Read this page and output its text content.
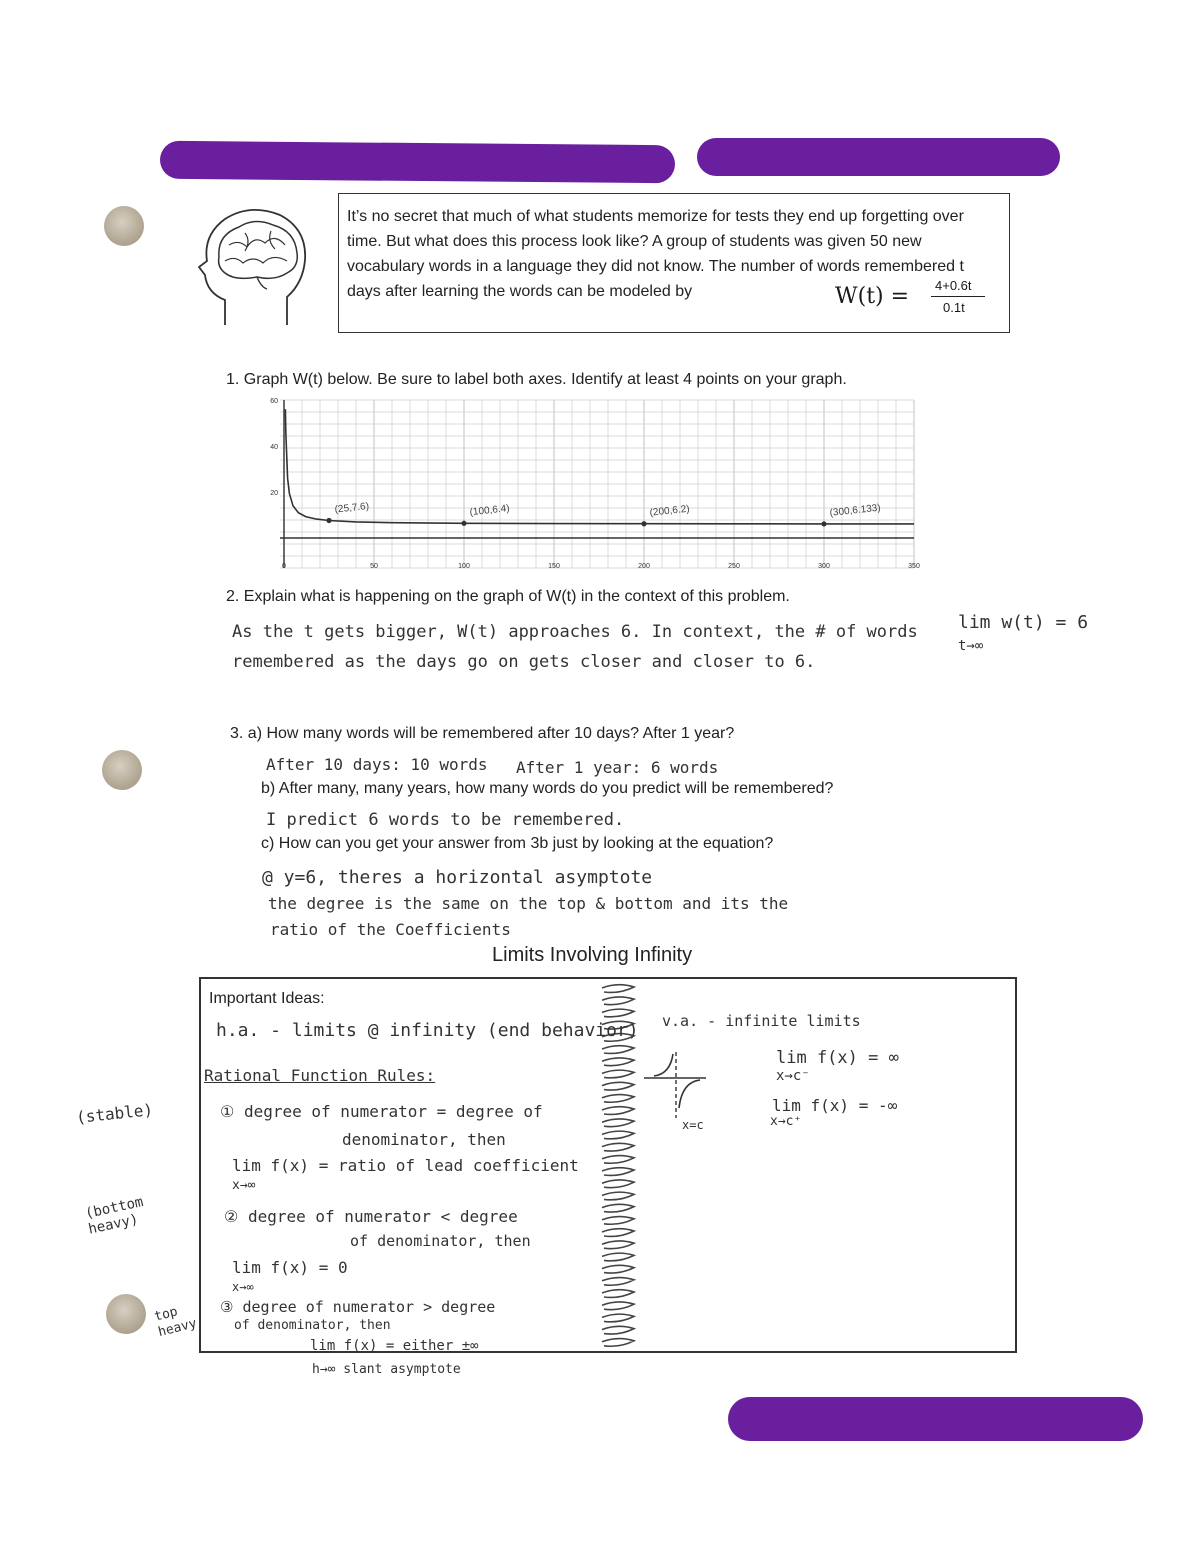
It’s no secret that much of what students memorize for tests they end up forgetting over time. But what does this process look like? A group of students was given 50 new vocabulary words in a language they did not know. The number of words remembered t days after learning the words can be modeled by	W(t) = 4+0.6t
0.1t
1. Graph W(t) below. Be sure to label both axes. Identify at least 4 points on your graph.
0	50	100	150	200	250	300	350
20
40
60
(25,7.6)	(100,6.4)	(200,6.2)	(300,6.133)
2. Explain what is happening on the graph of W(t) in the context of this problem.
As the t gets bigger, W(t) approaches 6. In context, the # of words
remembered as the days go on gets closer and closer to 6.
lim w(t) = 6
t→∞
3. a) How many words will be remembered after 10 days? After 1 year?
After 10 days: 10 words After 1 year: 6 words
b) After many, many years, how many words do you predict will be remembered?
I predict 6 words to be remembered.
c) How can you get your answer from 3b just by looking at the equation?
@ y=6, theres a horizontal asymptote
the degree is the same on the top & bottom and its the
ratio of the Coefficients
Limits Involving Infinity
Important Ideas:
h.a. - limits @ infinity (end behavior)
Rational Function Rules:
① degree of numerator = degree of
denominator, then
lim f(x) = ratio of lead coefficient
x→∞
② degree of numerator < degree
of denominator, then
lim f(x) = 0
x→∞
③ degree of numerator > degree
of denominator, then
lim f(x) = either ±∞
h→∞ slant asymptote
v.a. - infinite limits
x=c
lim f(x) = ∞
x→c⁻
lim f(x) = -∞
x→c⁺
(stable)
(bottom heavy)
top heavy
